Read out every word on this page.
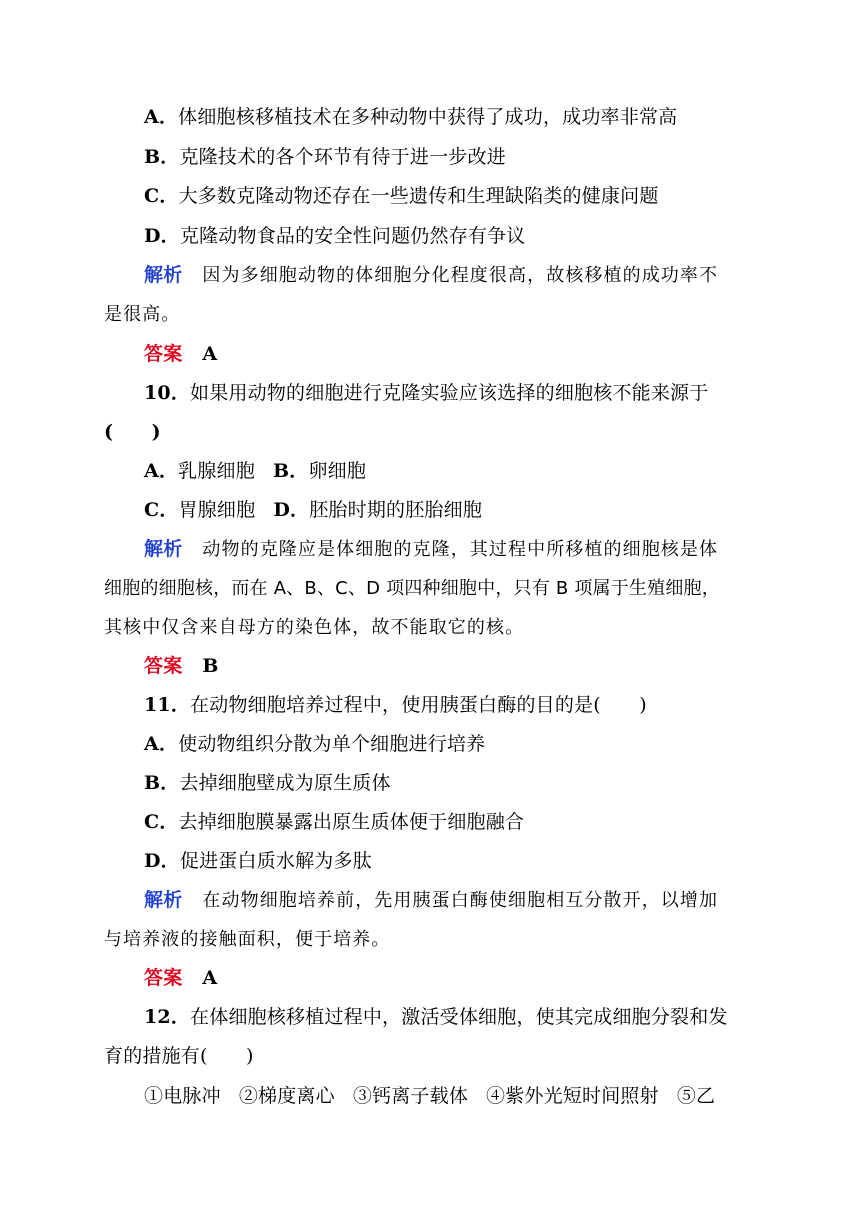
A．体细胞核移植技术在多种动物中获得了成功，成功率非常高
B．克隆技术的各个环节有待于进一步改进
C．大多数克隆动物还存在一些遗传和生理缺陷类的健康问题
D．克隆动物食品的安全性问题仍然存有争议
解析 因为多细胞动物的体细胞分化程度很高，故核移植的成功率不
是很高。
答案 A
10．如果用动物的细胞进行克隆实验应该选择的细胞核不能来源于
(　　)
A．乳腺细胞 B．卵细胞
C．胃腺细胞 D．胚胎时期的胚胎细胞
解析 动物的克隆应是体细胞的克隆，其过程中所移植的细胞核是体
细胞的细胞核，而在 A、B、C、D 项四种细胞中，只有 B 项属于生殖细胞，
其核中仅含来自母方的染色体，故不能取它的核。
答案 B
11．在动物细胞培养过程中，使用胰蛋白酶的目的是(　　)
A．使动物组织分散为单个细胞进行培养
B．去掉细胞壁成为原生质体
C．去掉细胞膜暴露出原生质体便于细胞融合
D．促进蛋白质水解为多肽
解析 在动物细胞培养前，先用胰蛋白酶使细胞相互分散开，以增加
与培养液的接触面积，便于培养。
答案 A
12．在体细胞核移植过程中，激活受体细胞，使其完成细胞分裂和发
育的措施有(　　)
①电脉冲 ②梯度离心 ③钙离子载体 ④紫外光短时间照射 ⑤乙
